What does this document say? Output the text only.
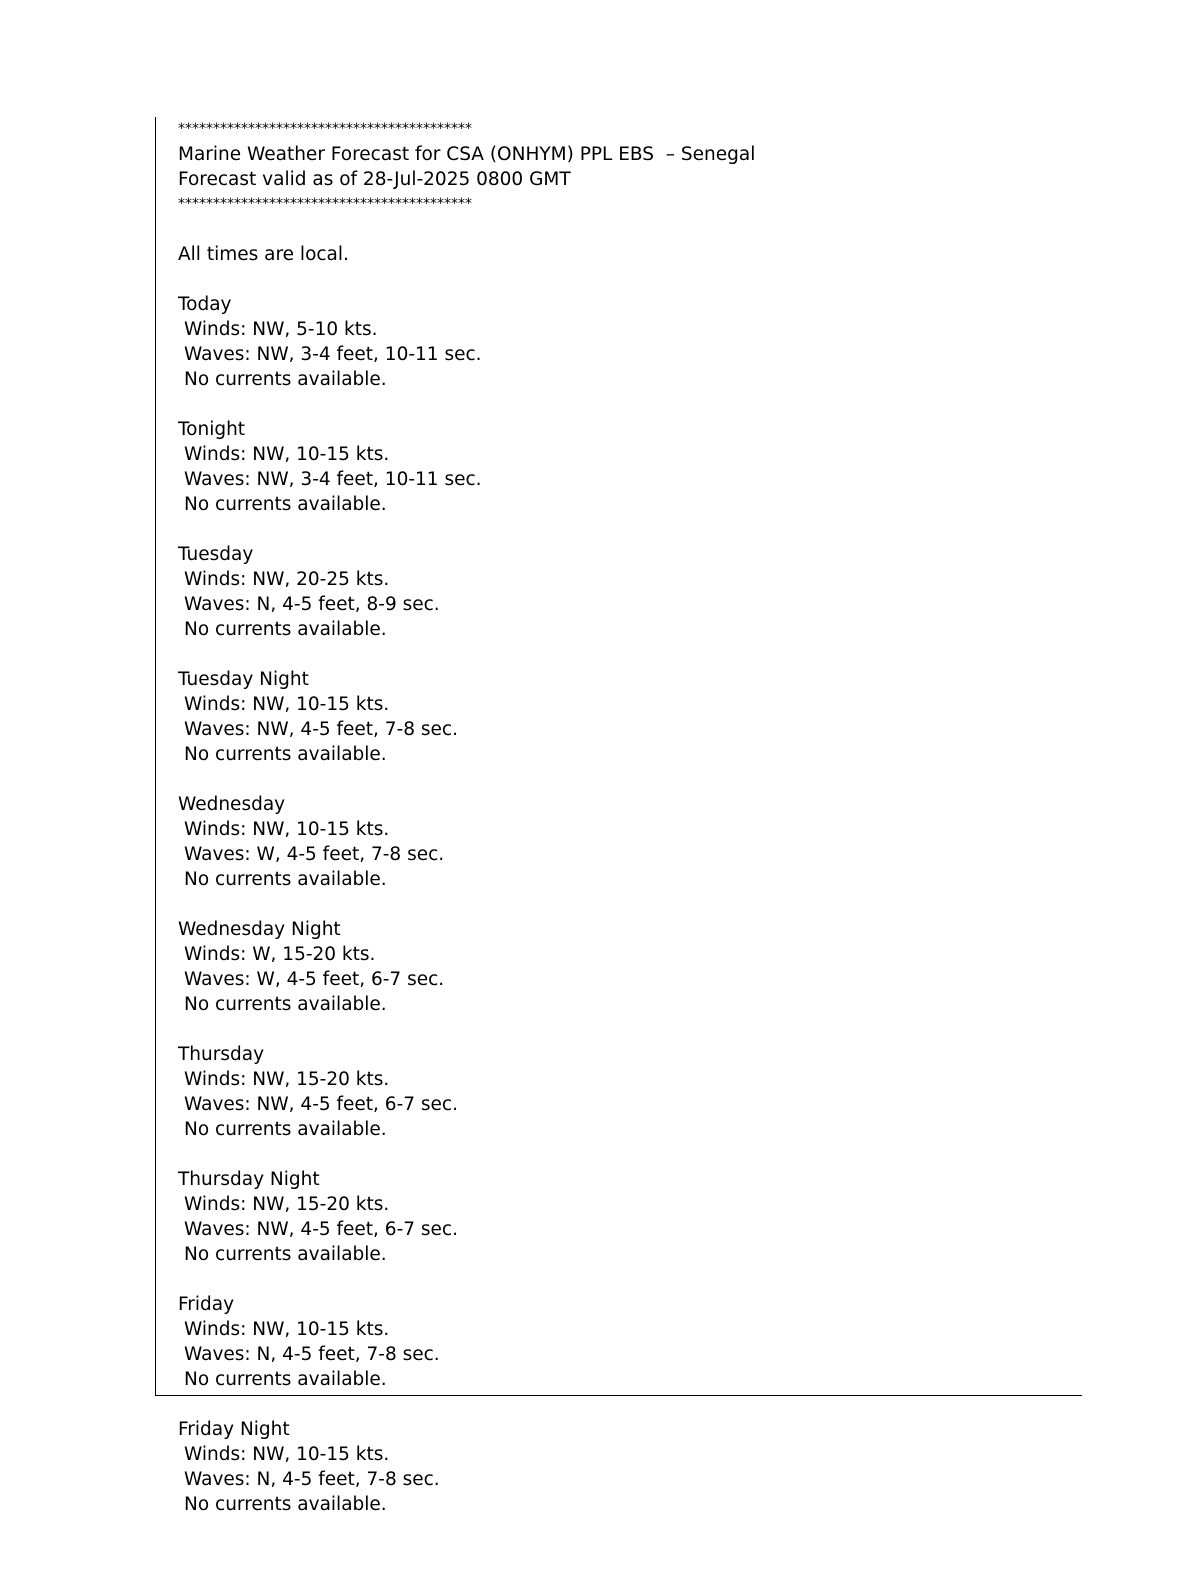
******************************************
Marine Weather Forecast for CSA (ONHYM) PPL EBS  – Senegal
Forecast valid as of 28-Jul-2025 0800 GMT
******************************************
All times are local.
Today
Winds: NW, 5-10 kts.
Waves: NW, 3-4 feet, 10-11 sec.
No currents available.
Tonight
Winds: NW, 10-15 kts.
Waves: NW, 3-4 feet, 10-11 sec.
No currents available.
Tuesday
Winds: NW, 20-25 kts.
Waves: N, 4-5 feet, 8-9 sec.
No currents available.
Tuesday Night
Winds: NW, 10-15 kts.
Waves: NW, 4-5 feet, 7-8 sec.
No currents available.
Wednesday
Winds: NW, 10-15 kts.
Waves: W, 4-5 feet, 7-8 sec.
No currents available.
Wednesday Night
Winds: W, 15-20 kts.
Waves: W, 4-5 feet, 6-7 sec.
No currents available.
Thursday
Winds: NW, 15-20 kts.
Waves: NW, 4-5 feet, 6-7 sec.
No currents available.
Thursday Night
Winds: NW, 15-20 kts.
Waves: NW, 4-5 feet, 6-7 sec.
No currents available.
Friday
Winds: NW, 10-15 kts.
Waves: N, 4-5 feet, 7-8 sec.
No currents available.
Friday Night
Winds: NW, 10-15 kts.
Waves: N, 4-5 feet, 7-8 sec.
No currents available.
